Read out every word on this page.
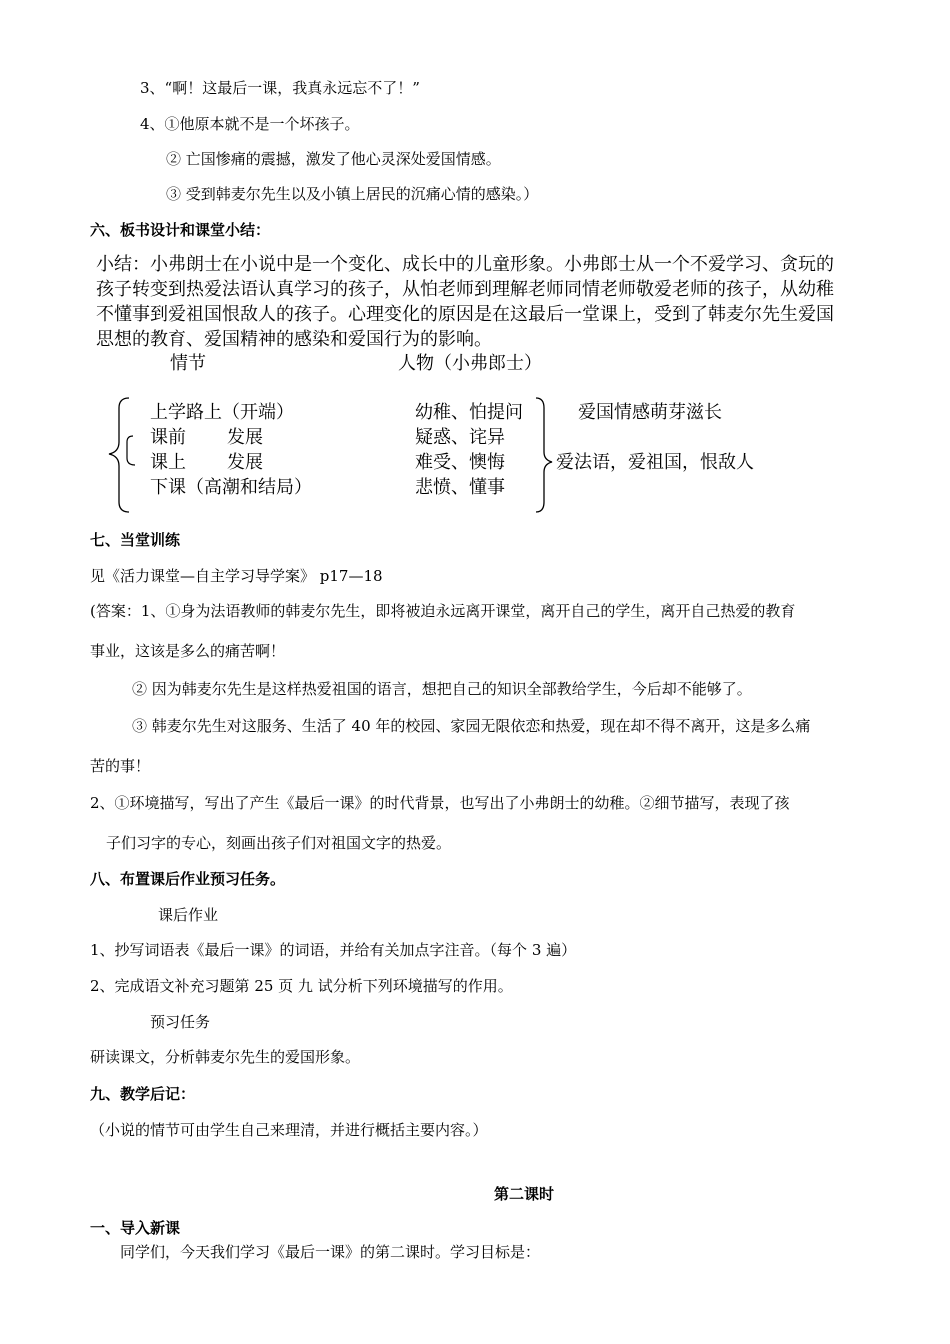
3、“啊！这最后一课，我真永远忘不了！”
4、①他原本就不是一个坏孩子。
② 亡国惨痛的震撼，激发了他心灵深处爱国情感。
③ 受到韩麦尔先生以及小镇上居民的沉痛心情的感染。）
六、板书设计和课堂小结：
小结：小弗朗士在小说中是一个变化、成长中的儿童形象。小弗郎士从一个不爱学习、贪玩的
孩子转变到热爱法语认真学习的孩子，从怕老师到理解老师同情老师敬爱老师的孩子，从幼稚
不懂事到爱祖国恨敌人的孩子。心理变化的原因是在这最后一堂课上，受到了韩麦尔先生爱国
思想的教育、爱国精神的感染和爱国行为的影响。
情节	人物（小弗郎士）
上学路上（开端）
课前 发展
课上 发展
下课（高潮和结局）
幼稚、怕提问
疑惑、诧异
难受、懊悔
悲愤、懂事
爱国情感萌芽滋长
爱法语，爱祖国，恨敌人
七、当堂训练
见《活力课堂—自主学习导学案》 p17—18
(答案：1、①身为法语教师的韩麦尔先生，即将被迫永远离开课堂，离开自己的学生，离开自己热爱的教育
事业，这该是多么的痛苦啊！
② 因为韩麦尔先生是这样热爱祖国的语言，想把自己的知识全部教给学生，今后却不能够了。
③ 韩麦尔先生对这服务、生活了 40 年的校园、家园无限依恋和热爱，现在却不得不离开，这是多么痛
苦的事！
2、①环境描写，写出了产生《最后一课》的时代背景，也写出了小弗朗士的幼稚。②细节描写，表现了孩
子们习字的专心，刻画出孩子们对祖国文字的热爱。
八、布置课后作业预习任务。
课后作业
1、抄写词语表《最后一课》的词语，并给有关加点字注音。（每个 3 遍）
2、完成语文补充习题第 25 页 九 试分析下列环境描写的作用。
预习任务
研读课文，分析韩麦尔先生的爱国形象。
九、教学后记：
（小说的情节可由学生自己来理清，并进行概括主要内容。）
第二课时
一、导入新课
同学们，今天我们学习《最后一课》的第二课时。学习目标是：
